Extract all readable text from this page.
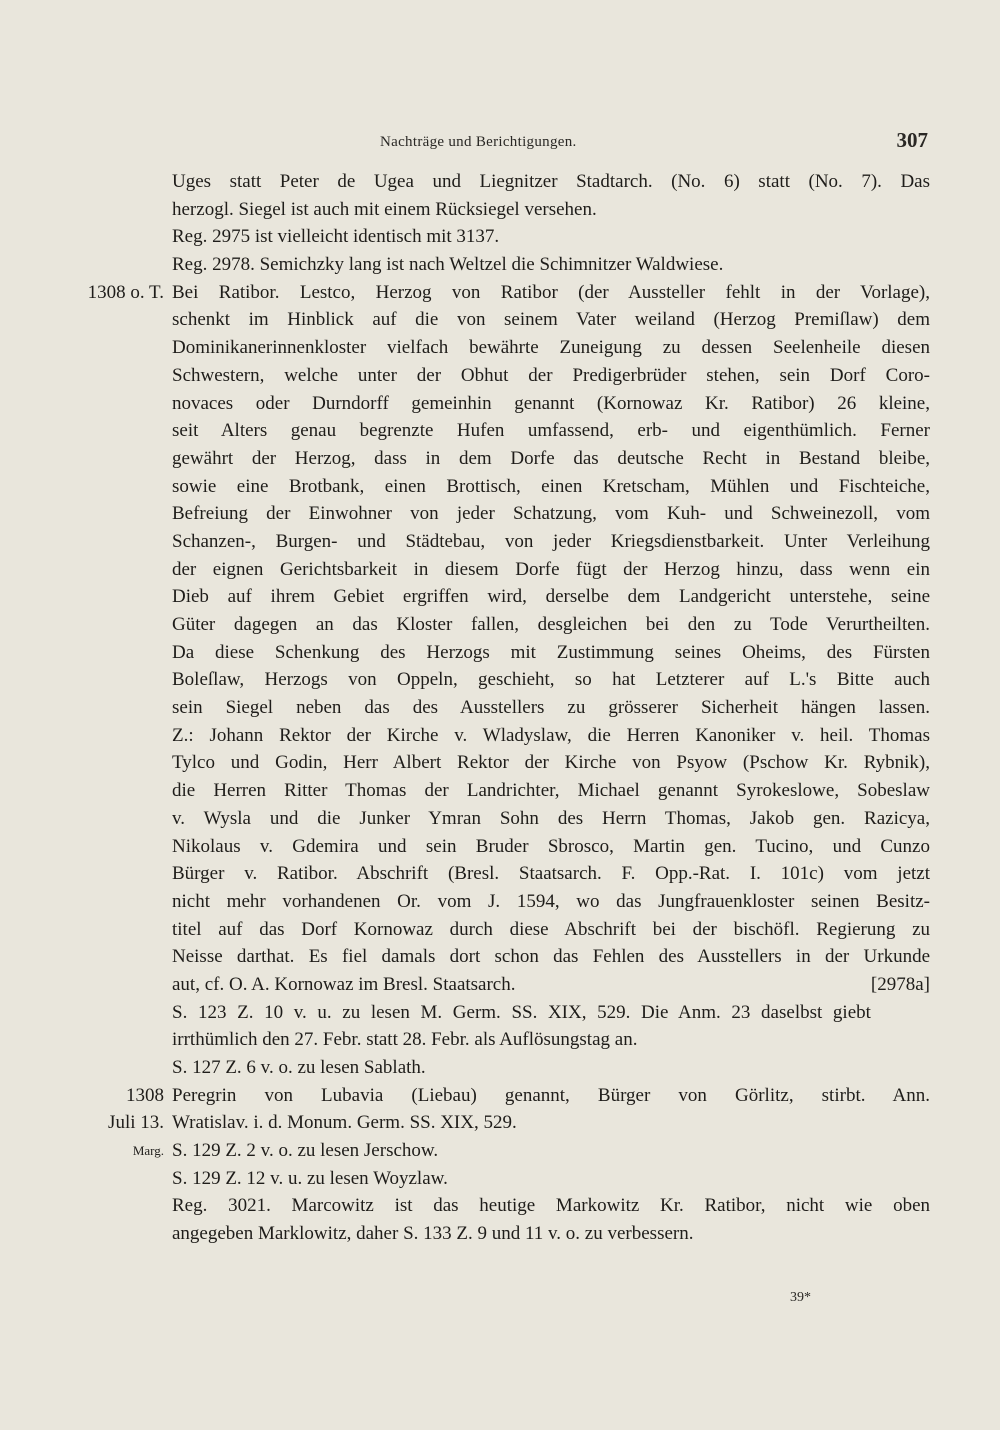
Nachträge und Berichtigungen.	307
Uges statt Peter de Ugea und Liegnitzer Stadtarch. (No. 6) statt (No. 7). Das
herzogl. Siegel ist auch mit einem Rücksiegel versehen.
Reg. 2975 ist vielleicht identisch mit 3137.
Reg. 2978. Semichzky lang ist nach Weltzel die Schimnitzer Waldwiese.
Bei Ratibor. Lestco, Herzog von Ratibor (der Aussteller fehlt in der Vorlage),
1308 o. T.
schenkt im Hinblick auf die von seinem Vater weiland (Herzog Premiſlaw) dem
Dominikanerinnenkloster vielfach bewährte Zuneigung zu dessen Seelenheile diesen
Schwestern, welche unter der Obhut der Predigerbrüder stehen, sein Dorf Coro-
novaces oder Durndorff gemeinhin genannt (Kornowaz Kr. Ratibor) 26 kleine,
seit Alters genau begrenzte Hufen umfassend, erb- und eigenthümlich. Ferner
gewährt der Herzog, dass in dem Dorfe das deutsche Recht in Bestand bleibe,
sowie eine Brotbank, einen Brottisch, einen Kretscham, Mühlen und Fischteiche,
Befreiung der Einwohner von jeder Schatzung, vom Kuh- und Schweinezoll, vom
Schanzen-, Burgen- und Städtebau, von jeder Kriegsdienstbarkeit. Unter Verleihung
der eignen Gerichtsbarkeit in diesem Dorfe fügt der Herzog hinzu, dass wenn ein
Dieb auf ihrem Gebiet ergriffen wird, derselbe dem Landgericht unterstehe, seine
Güter dagegen an das Kloster fallen, desgleichen bei den zu Tode Verurtheilten.
Da diese Schenkung des Herzogs mit Zustimmung seines Oheims, des Fürsten
Boleſlaw, Herzogs von Oppeln, geschieht, so hat Letzterer auf L.'s Bitte auch
sein Siegel neben das des Ausstellers zu grösserer Sicherheit hängen lassen.
Z.: Johann Rektor der Kirche v. Wladyslaw, die Herren Kanoniker v. heil. Thomas
Tylco und Godin, Herr Albert Rektor der Kirche von Psyow (Pschow Kr. Rybnik),
die Herren Ritter Thomas der Landrichter, Michael genannt Syrokeslowe, Sobeslaw
v. Wysla und die Junker Ymran Sohn des Herrn Thomas, Jakob gen. Razicya,
Nikolaus v. Gdemira und sein Bruder Sbrosco, Martin gen. Tucino, und Cunzo
Bürger v. Ratibor. Abschrift (Bresl. Staatsarch. F. Opp.-Rat. I. 101c) vom jetzt
nicht mehr vorhandenen Or. vom J. 1594, wo das Jungfrauenkloster seinen Besitz-
titel auf das Dorf Kornowaz durch diese Abschrift bei der bischöfl. Regierung zu
Neisse darthat. Es fiel damals dort schon das Fehlen des Ausstellers in der Urkunde
aut, cf. O. A. Kornowaz im Bresl. Staatsarch.	[2978a]
S. 123 Z. 10 v. u. zu lesen M. Germ. SS. XIX, 529. Die Anm. 23 daselbst giebt
irrthümlich den 27. Febr. statt 28. Febr. als Auflösungstag an.
S. 127 Z. 6 v. o. zu lesen Sablath.
Peregrin von Lubavia (Liebau) genannt, Bürger von Görlitz, stirbt. Ann.
1308
Wratislav. i. d. Monum. Germ. SS. XIX, 529.
Juli 13.
S. 129 Z. 2 v. o. zu lesen Jerschow.
Marg.
S. 129 Z. 12 v. u. zu lesen Woyzlaw.
Reg. 3021. Marcowitz ist das heutige Markowitz Kr. Ratibor, nicht wie oben
angegeben Marklowitz, daher S. 133 Z. 9 und 11 v. o. zu verbessern.
39*
